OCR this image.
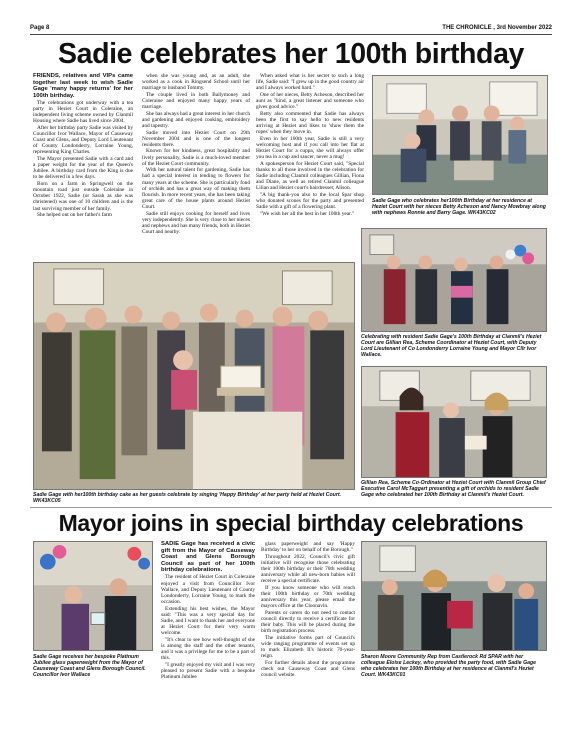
Page 8	THE CHRONICLE , 3rd November 2022
Sadie celebrates her 100th birthday

FRIENDS, relatives and VIPs came together last week to wish Sadie Gage 'many happy returns' for her 100th birthday.

The celebrations got underway with a tea party in Heziet Court in Coleraine, an independent living scheme owned by Clanmil Housing where Sadie has lived since 2004.

After her birthday party Sadie was visited by Councillor Ivor Wallace, Mayor of Causeway Coast and Glens, and Deputy Lord Lieutenant of County Londonderry, Lorraine Young, representing King Charles.

The Mayor presented Sadie with a card and a paper weight for the year of the Queen's Jubilee. A birthday card from the King is due to be delivered in a few days.

Born on a farm in Springwell on the mountain road just outside Coleraine in October 1922, Sadie (or Sarah as she was christened) was one of 10 children and is the last surviving member of her family.

She helped out on her father's farm

when she was young and, as an adult, she worked as a cook in Ringsend School until her marriage to husband Tommy.

The couple lived in both Ballymoney and Coleraine and enjoyed many happy years of marriage.

She has always had a great interest in her church and gardening and enjoyed cooking, embroidery and tapestry.

Sadie moved into Heziet Court on 29th November 2004 and is one of the longest residents there.

Known for her kindness, great hospitality and lively personality, Sadie is a much-loved member of the Heziet Court community.

With her natural talent for gardening, Sadie has had a special interest in tending to flowers for many years at the scheme. She is particularly fond of orchids and has a great way of making them flourish. In more recent years, she has been taking great care of the house plants around Heziet Court.

Sadie still enjoys cooking for herself and lives very independently. She is very close to her nieces and nephews and has many friends, both in Heziet Court and nearby.

When asked what is her secret to such a long life, Sadie said: "I grew up in the good country air and I always worked hard."

One of her nieces, Betty Acheson, described her aunt as "kind, a great listener and someone who gives good advice."

Betty also commented that Sadie has always been the first to say hello to new residents arriving at Heziet and likes to 'show them the ropes' when they move in.

Even in her 100th year, Sadie is still a very welcoming host and if you call into her flat at Heziet Court for a cuppa, she will always offer you tea in a cup and saucer, never a mug!

A spokesperson for Heziet Court said, "Special thanks to all those involved in the celebration for Sadie including Clanmil colleagues Gillian, Fiona and Diane, as well as retired Clanmil colleague Lilian and Heziet court's hairdresser, Alison.

"A big thank-you also to the local Spar shop who donated scones for the party and presented Sadie with a gift of a flowering plant.

"We wish her all the best in her 100th year."

Sadie Gage who celebrates her100th Birthday at her residence at Heziet Court with her nieces Betty Acheson and Nancy Mowbray along with nephews Ronnie and Barry Gage. WK43KC02
Sadie Gage with her100th birthday cake as her guests celebrate by singing 'Happy Birthday' at her party held at Heziet Court. WK43KC05
Celebrating with resident Sadie Gage's 100th Birthday at Clanmil's Heziet Court are Gillian Rea, Scheme Coordinator at Heziet Court, with Deputy Lord Lieutenant of Co Londonderry Lorraine Young and Mayor Cllr Ivor Wallace.
Gillian Rea, Scheme Co-Ordinator at Heziet Court with Clanmil Group Chief Executive Carol McTaggart presenting a gift of orchids to resident Sadie Gage who celebrated her 100th Birthday at Clanmil's Heziet Court.
Mayor joins in special birthday celebrations
Sadie Gage receives her bespoke Platinum Jubilee glass paperweight from the Mayor of Causeway Coast and Glens Borough Council. Councillor Ivor Wallace

SADIE Gage has received a civic gift from the Mayor of Causeway Coast and Glens Borough Council as part of her 100th birthday celebrations.

The resident of Heziet Court in Coleraine enjoyed a visit from Councillor Ivor Wallace, and Deputy Lieutenant of County Londonderry, Lorraine Young, to mark the occasion.

Extending his best wishes, the Mayor said: "This was a very special day for Sadie, and I want to thank her and everyone at Heziet Court for their very warm welcome.

"It's clear to see how well-thought of she is among the staff and the other tenants, and it was a privilege for me to be a part of this.

"I greatly enjoyed my visit and I was very pleased to present Sadie with a bespoke Platinum Jubilee

glass paperweight and say 'Happy Birthday' to her on behalf of the Borough."

Throughout 2022, Council's civic gift initiative will recognise those celebrating their 100th birthday or their 70th wedding anniversary while all new-born babies will receive a special certificate.

If you know someone who will reach their 100th birthday or 70th wedding anniversary this year, please email the mayors office at the Cloonavin.

Parents or carers do not need to contact council directly to receive a certificate for their baby. This will be placed during the birth registration process.

The initiative forms part of Council's wide ranging programme of events set up to mark Elizabeth II's historic 70-year-reign.

For further details about the programme check out Causeway Coast and Glens council website.

Sharon Moore Community Rep from Castlerock Rd SPAR with her colleague Eloise Leckey, who provided the party food, with Sadie Gage who celebrates her 100th Birthday at her residence at Clanmil's Heziet Court. WK43KC01
